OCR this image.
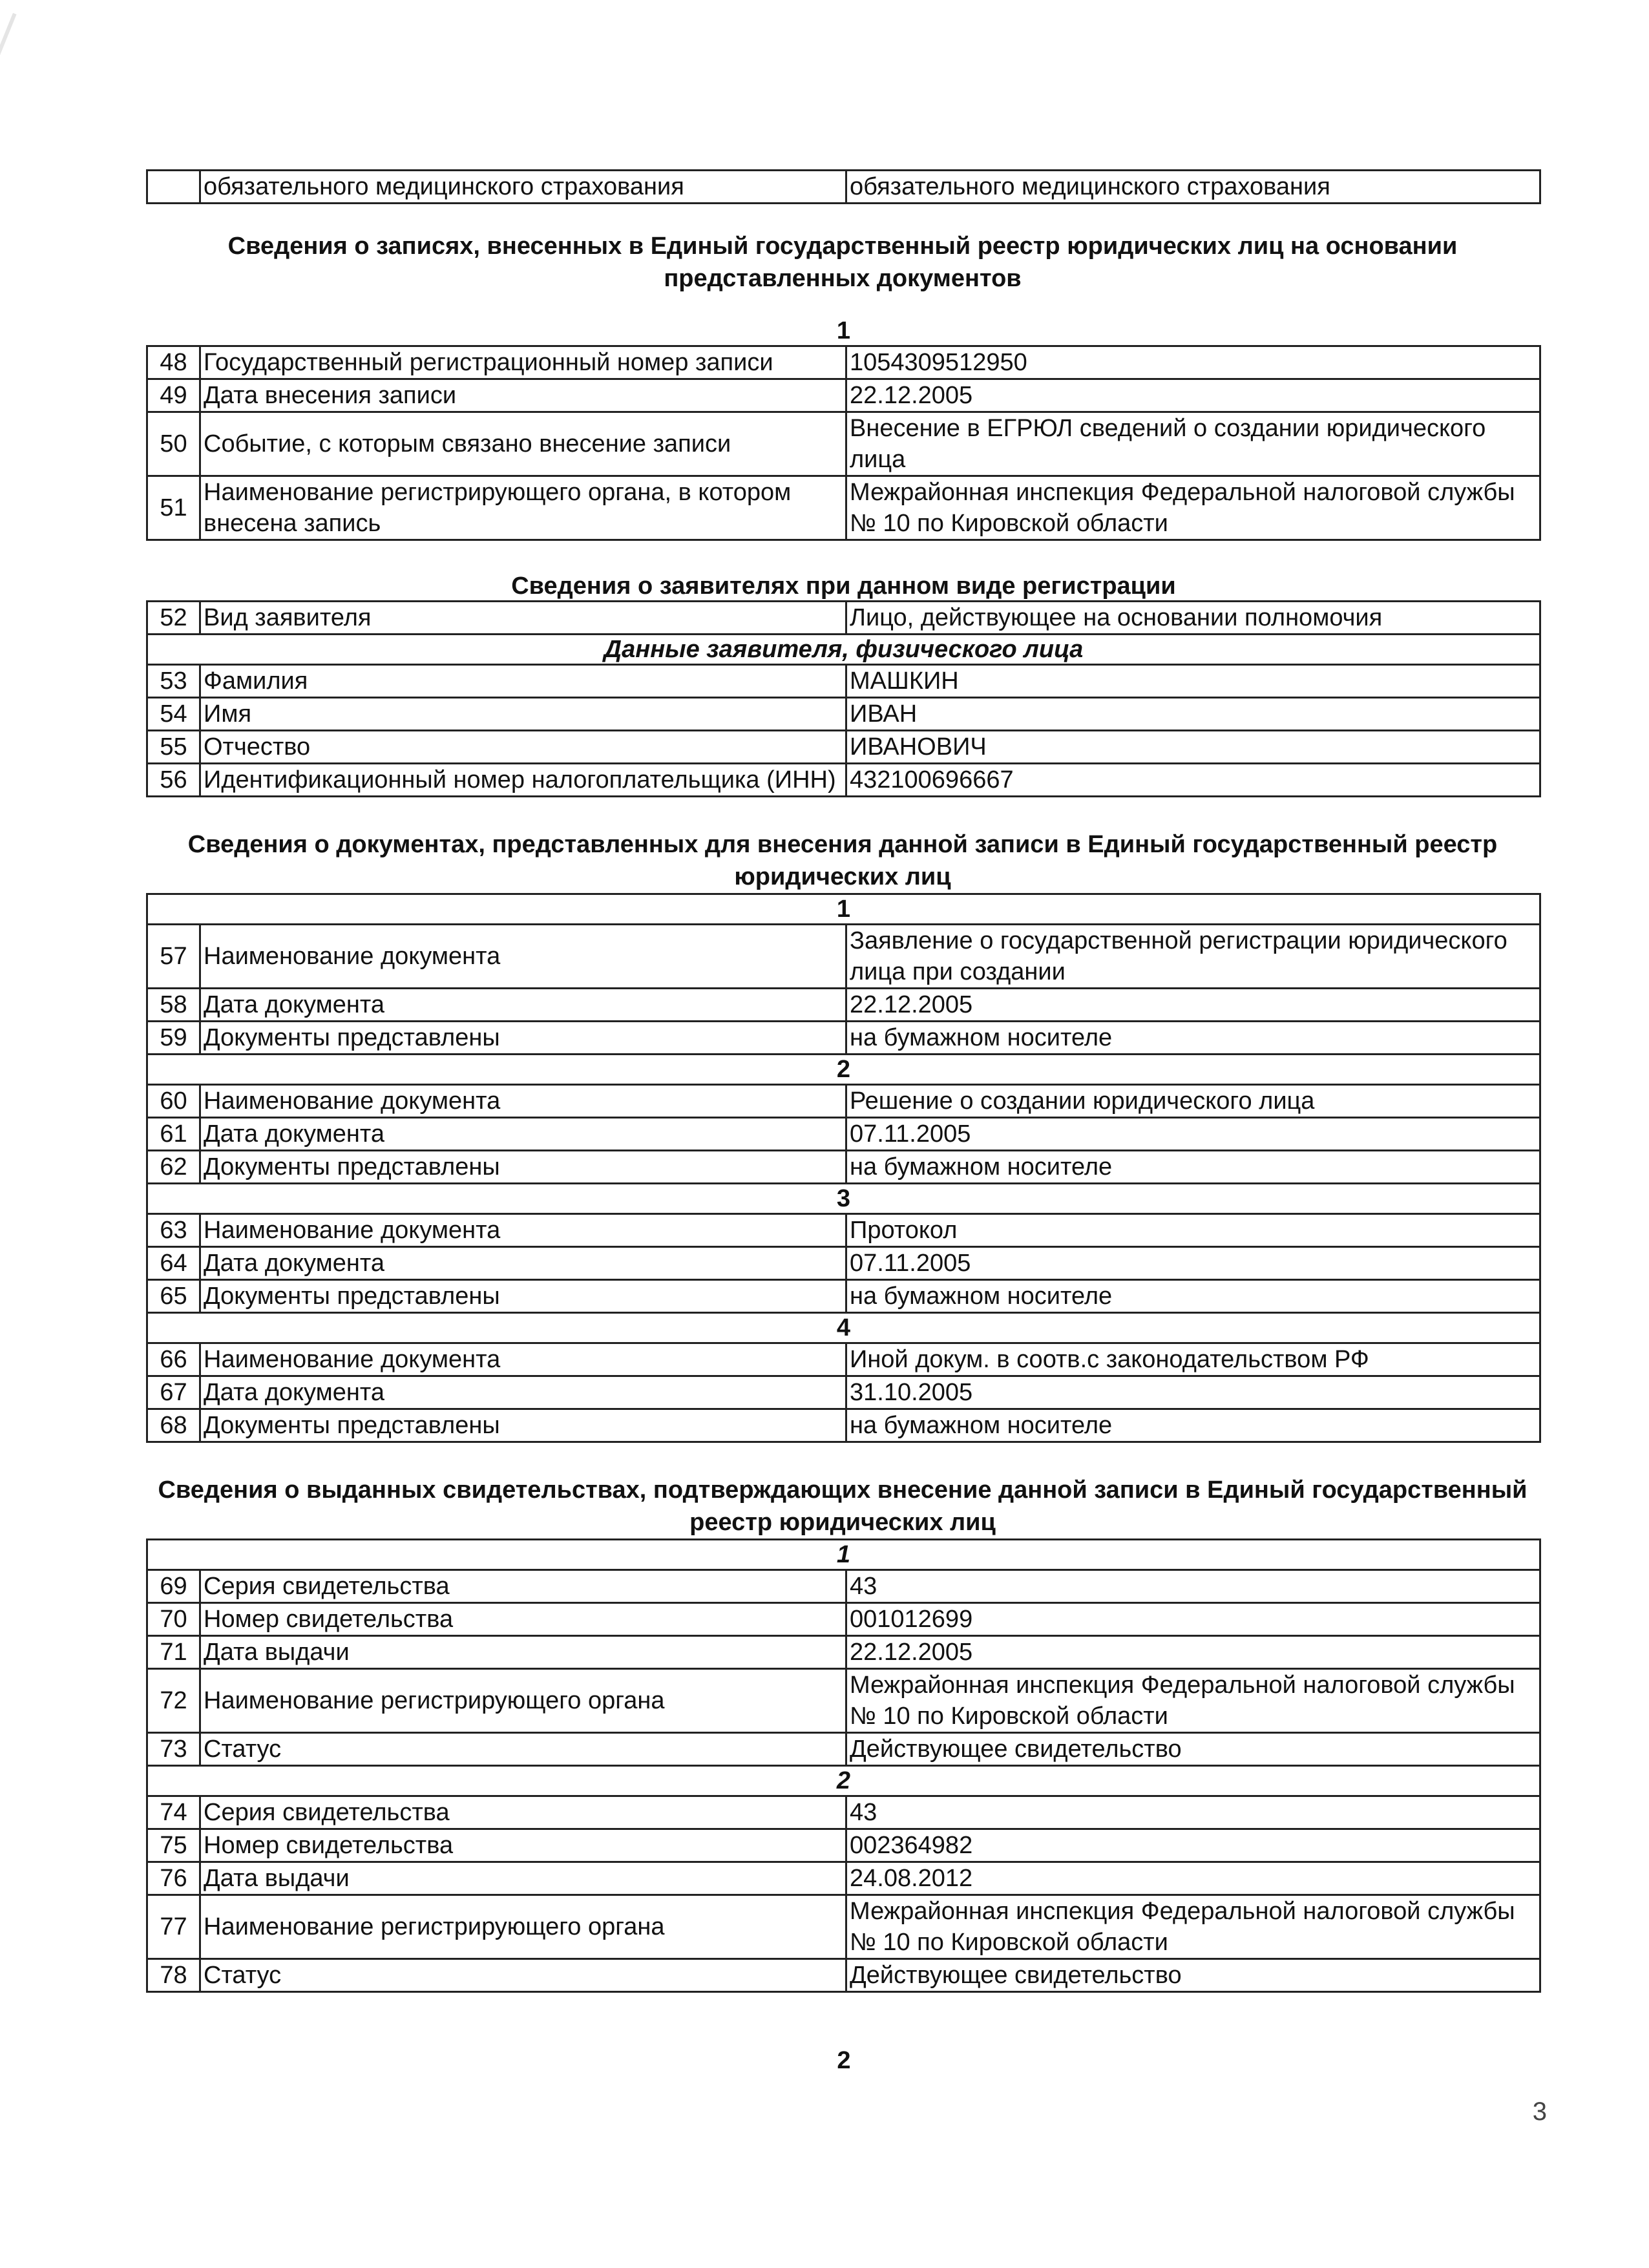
	обязательного медицинского страхования	обязательного медицинского страхования

Сведения о записях, внесенных в Единый государственный реестр юридических лиц на основании представленных документов

1		
48	Государственный регистрационный номер записи	1054309512950
49	Дата внесения записи	22.12.2005
50	Событие, с которым связано внесение записи	Внесение в ЕГРЮЛ сведений о создании юридического лица
51	Наименование регистрирующего органа, в котором внесена запись	Межрайонная инспекция Федеральной налоговой службы № 10 по Кировской области
Сведения о заявителях при данном виде регистрации		
52	Вид заявителя	Лицо, действующее на основании полномочия
Данные заявителя, физического лица		
53	Фамилия	МАШКИН
54	Имя	ИВАН
55	Отчество	ИВАНОВИЧ
56	Идентификационный номер налогоплательщика (ИНН)	432100696667

Сведения о документах, представленных для внесения данной записи в Единый государственный реестр юридических лиц

1		
57	Наименование документа	Заявление о государственной регистрации юридического лица при создании
58	Дата документа	22.12.2005
59	Документы представлены	на бумажном носителе
2		
60	Наименование документа	Решение о создании юридического лица
61	Дата документа	07.11.2005
62	Документы представлены	на бумажном носителе
3		
63	Наименование документа	Протокол
64	Дата документа	07.11.2005
65	Документы представлены	на бумажном носителе
4		
66	Наименование документа	Иной докум. в соотв.с законодательством РФ
67	Дата документа	31.10.2005
68	Документы представлены	на бумажном носителе

Сведения о выданных свидетельствах, подтверждающих внесение данной записи в Единый государственный реестр юридических лиц

1		
69	Серия свидетельства	43
70	Номер свидетельства	001012699
71	Дата выдачи	22.12.2005
72	Наименование регистрирующего органа	Межрайонная инспекция Федеральной налоговой службы № 10 по Кировской области
73	Статус	Действующее свидетельство
2		
74	Серия свидетельства	43
75	Номер свидетельства	002364982
76	Дата выдачи	24.08.2012
77	Наименование регистрирующего органа	Межрайонная инспекция Федеральной налоговой службы № 10 по Кировской области
78	Статус	Действующее свидетельство
2
3
